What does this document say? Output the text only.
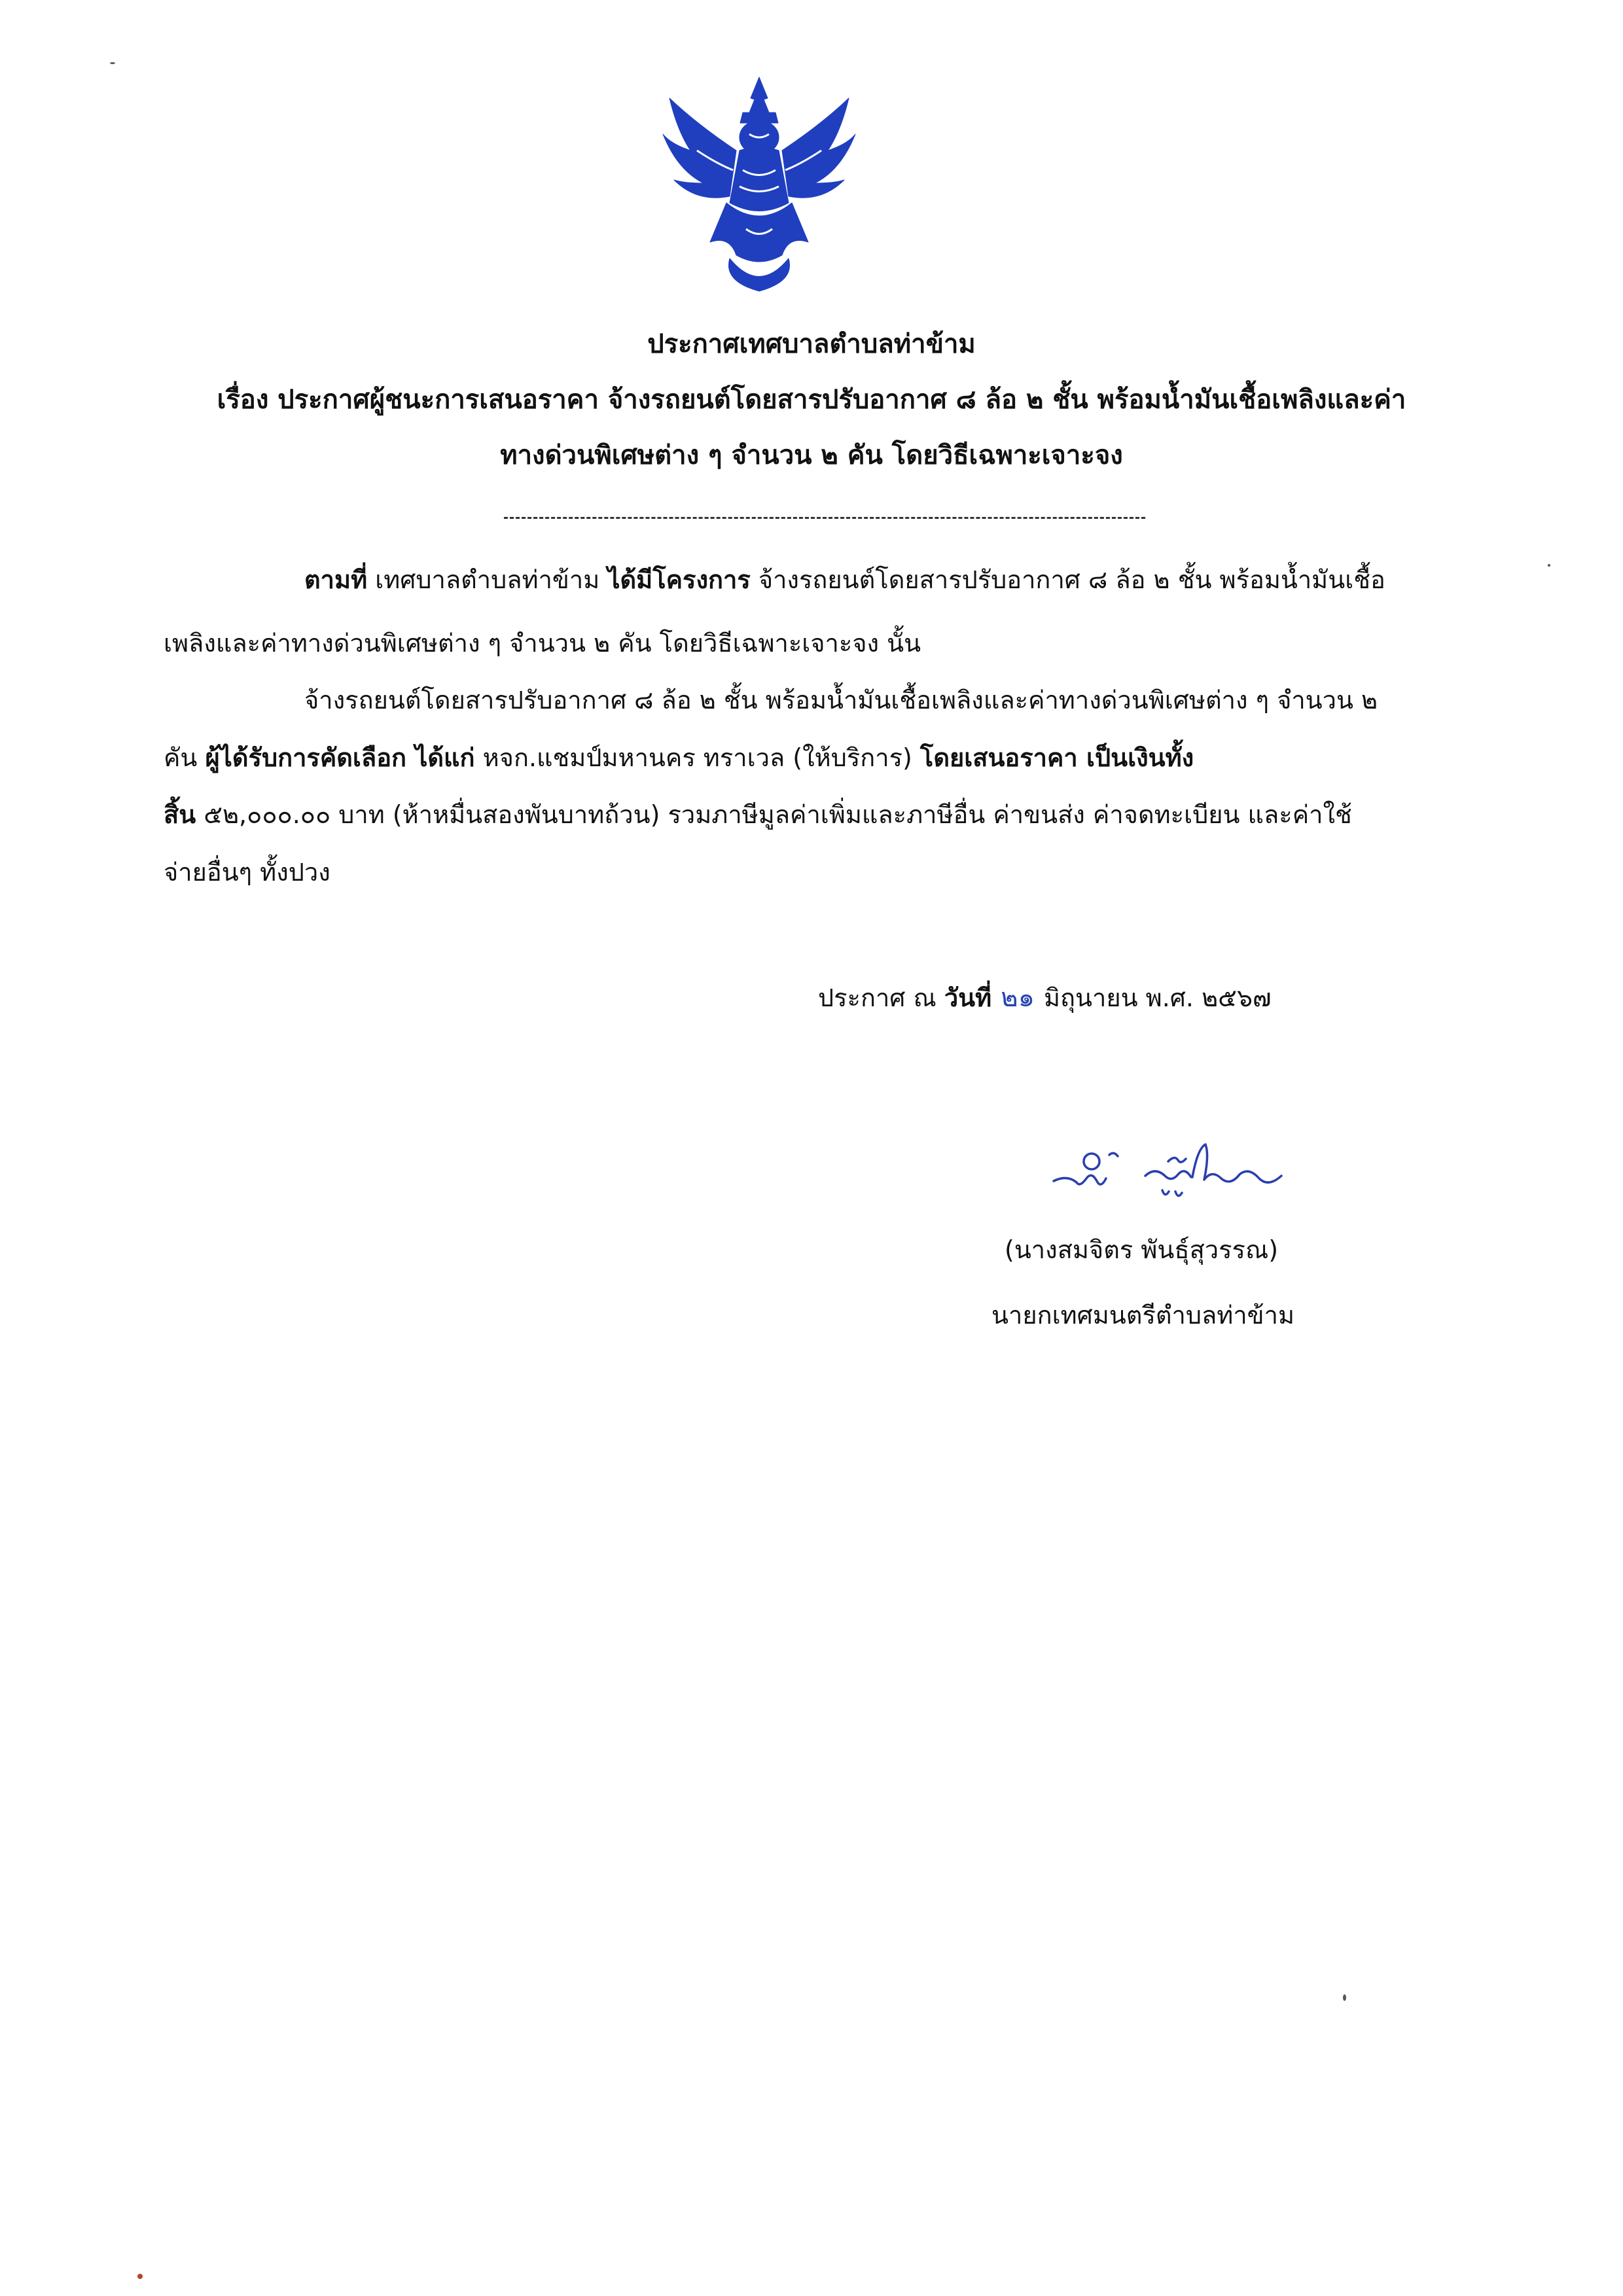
ประกาศเทศบาลตำบลท่าข้าม
เรื่อง ประกาศผู้ชนะการเสนอราคา จ้างรถยนต์โดยสารปรับอากาศ ๘ ล้อ ๒ ชั้น พร้อมน้ำมันเชื้อเพลิงและค่า
ทางด่วนพิเศษต่าง ๆ จำนวน ๒ คัน โดยวิธีเฉพาะเจาะจง
ตามที่ เทศบาลตำบลท่าข้าม ได้มีโครงการ จ้างรถยนต์โดยสารปรับอากาศ ๘ ล้อ ๒ ชั้น พร้อมน้ำมันเชื้อ
เพลิงและค่าทางด่วนพิเศษต่าง ๆ จำนวน ๒ คัน โดยวิธีเฉพาะเจาะจง นั้น
จ้างรถยนต์โดยสารปรับอากาศ ๘ ล้อ ๒ ชั้น พร้อมน้ำมันเชื้อเพลิงและค่าทางด่วนพิเศษต่าง ๆ จำนวน ๒
คัน ผู้ได้รับการคัดเลือก ได้แก่ หจก.แชมป์มหานคร ทราเวล (ให้บริการ) โดยเสนอราคา เป็นเงินทั้ง
สิ้น ๕๒,๐๐๐.๐๐ บาท (ห้าหมื่นสองพันบาทถ้วน) รวมภาษีมูลค่าเพิ่มและภาษีอื่น ค่าขนส่ง ค่าจดทะเบียน และค่าใช้
จ่ายอื่นๆ ทั้งปวง
ประกาศ ณ วันที่ ๒๑ มิถุนายน พ.ศ. ๒๕๖๗
(นางสมจิตร พันธุ์สุวรรณ)
นายกเทศมนตรีตำบลท่าข้าม
